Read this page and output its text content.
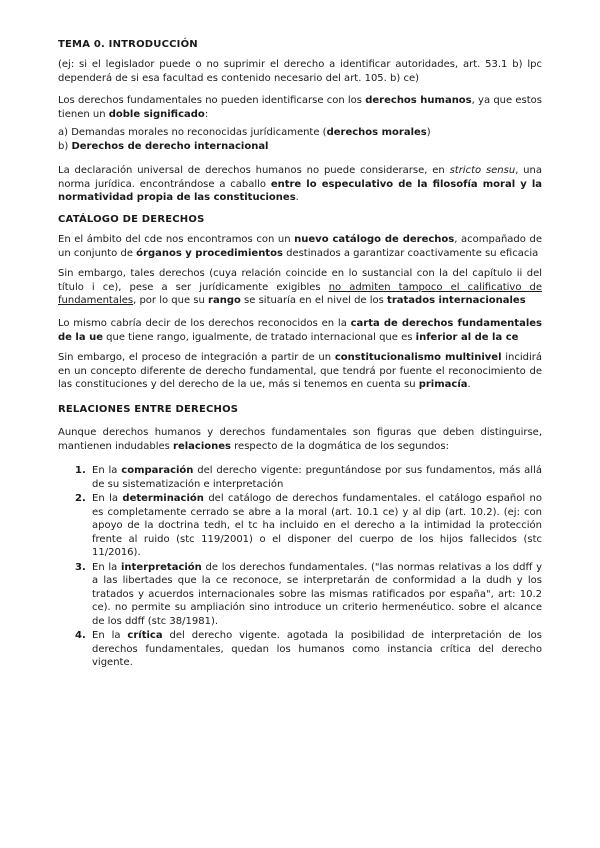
TEMA 0. INTRODUCCIÓN

(ej: si el legislador puede o no suprimir el derecho a identificar autoridades, art. 53.1 b) lpc dependerá de si esa facultad es contenido necesario del art. 105. b) ce)

Los derechos fundamentales no pueden identificarse con los derechos humanos, ya que estos tienen un doble significado:

a) Demandas morales no reconocidas jurídicamente (derechos morales)

b) Derechos de derecho internacional

La declaración universal de derechos humanos no puede considerarse, en stricto sensu, una norma jurídica. encontrándose a caballo entre lo especulativo de la filosofía moral y la normatividad propia de las constituciones.

CATÁLOGO DE DERECHOS

En el ámbito del cde nos encontramos con un nuevo catálogo de derechos, acompañado de un conjunto de órganos y procedimientos destinados a garantizar coactivamente su eficacia

Sin embargo, tales derechos (cuya relación coincide en lo sustancial con la del capítulo ii del título i ce), pese a ser jurídicamente exigibles no admiten tampoco el calificativo de fundamentales, por lo que su rango se situaría en el nivel de los tratados internacionales

Lo mismo cabría decir de los derechos reconocidos en la carta de derechos fundamentales de la ue que tiene rango, igualmente, de tratado internacional que es inferior al de la ce

Sin embargo, el proceso de integración a partir de un constitucionalismo multinivel incidirá en un concepto diferente de derecho fundamental, que tendrá por fuente el reconocimiento de las constituciones y del derecho de la ue, más si tenemos en cuenta su primacía.

RELACIONES ENTRE DERECHOS

Aunque derechos humanos y derechos fundamentales son figuras que deben distinguirse, mantienen indudables relaciones respecto de la dogmática de los segundos:

1. En la comparación del derecho vigente: preguntándose por sus fundamentos, más allá de su sistematización e interpretación
2. En la determinación del catálogo de derechos fundamentales. el catálogo español no es completamente cerrado se abre a la moral (art. 10.1 ce) y al dip (art. 10.2). (ej: con apoyo de la doctrina tedh, el tc ha incluido en el derecho a la intimidad la protección frente al ruido (stc 119/2001) o el disponer del cuerpo de los hijos fallecidos (stc 11/2016).
3. En la interpretación de los derechos fundamentales. ("las normas relativas a los ddff y a las libertades que la ce reconoce, se interpretarán de conformidad a la dudh y los tratados y acuerdos internacionales sobre las mismas ratificados por españa", art: 10.2 ce). no permite su ampliación sino introduce un criterio hermenéutico. sobre el alcance de los ddff (stc 38/1981).
4. En la crítica del derecho vigente. agotada la posibilidad de interpretación de los derechos fundamentales, quedan los humanos como instancia crítica del derecho vigente.
